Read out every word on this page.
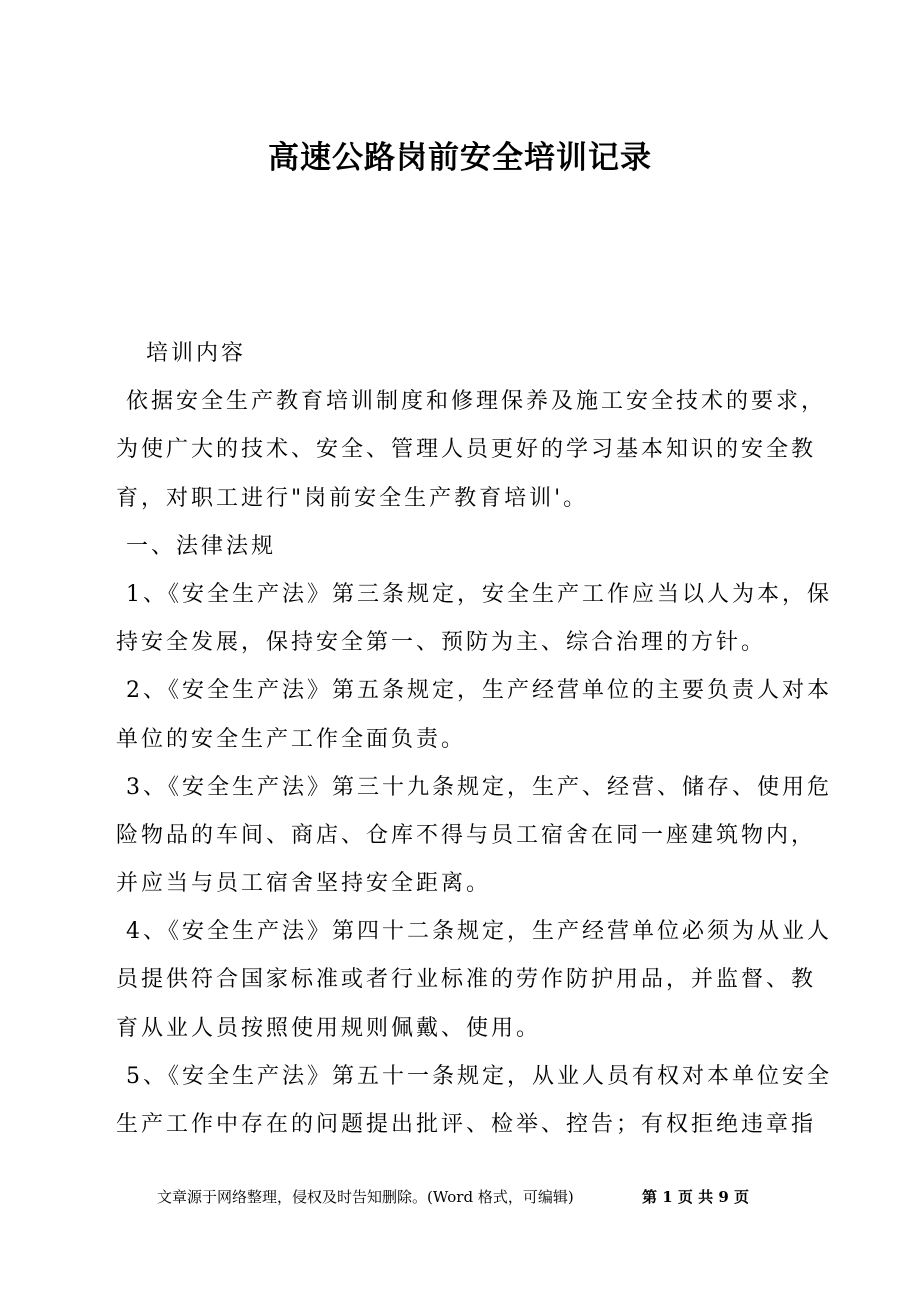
高速公路岗前安全培训记录
培训内容
依据安全生产教育培训制度和修理保养及施工安全技术的要求，
为使广大的技术、安全、管理人员更好的学习基本知识的安全教
育，对职工进行"岗前安全生产教育培训'。
一、法律法规
1、《安全生产法》第三条规定，安全生产工作应当以人为本，保
持安全发展，保持安全第一、预防为主、综合治理的方针。
2、《安全生产法》第五条规定，生产经营单位的主要负责人对本
单位的安全生产工作全面负责。
3、《安全生产法》第三十九条规定，生产、经营、储存、使用危
险物品的车间、商店、仓库不得与员工宿舍在同一座建筑物内，
并应当与员工宿舍坚持安全距离。
4、《安全生产法》第四十二条规定，生产经营单位必须为从业人
员提供符合国家标准或者行业标准的劳作防护用品，并监督、教
育从业人员按照使用规则佩戴、使用。
5、《安全生产法》第五十一条规定，从业人员有权对本单位安全
生产工作中存在的问题提出批评、检举、控告；有权拒绝违章指
文章源于网络整理，侵权及时告知删除。(Word 格式，可编辑)	第 1 页 共 9 页
